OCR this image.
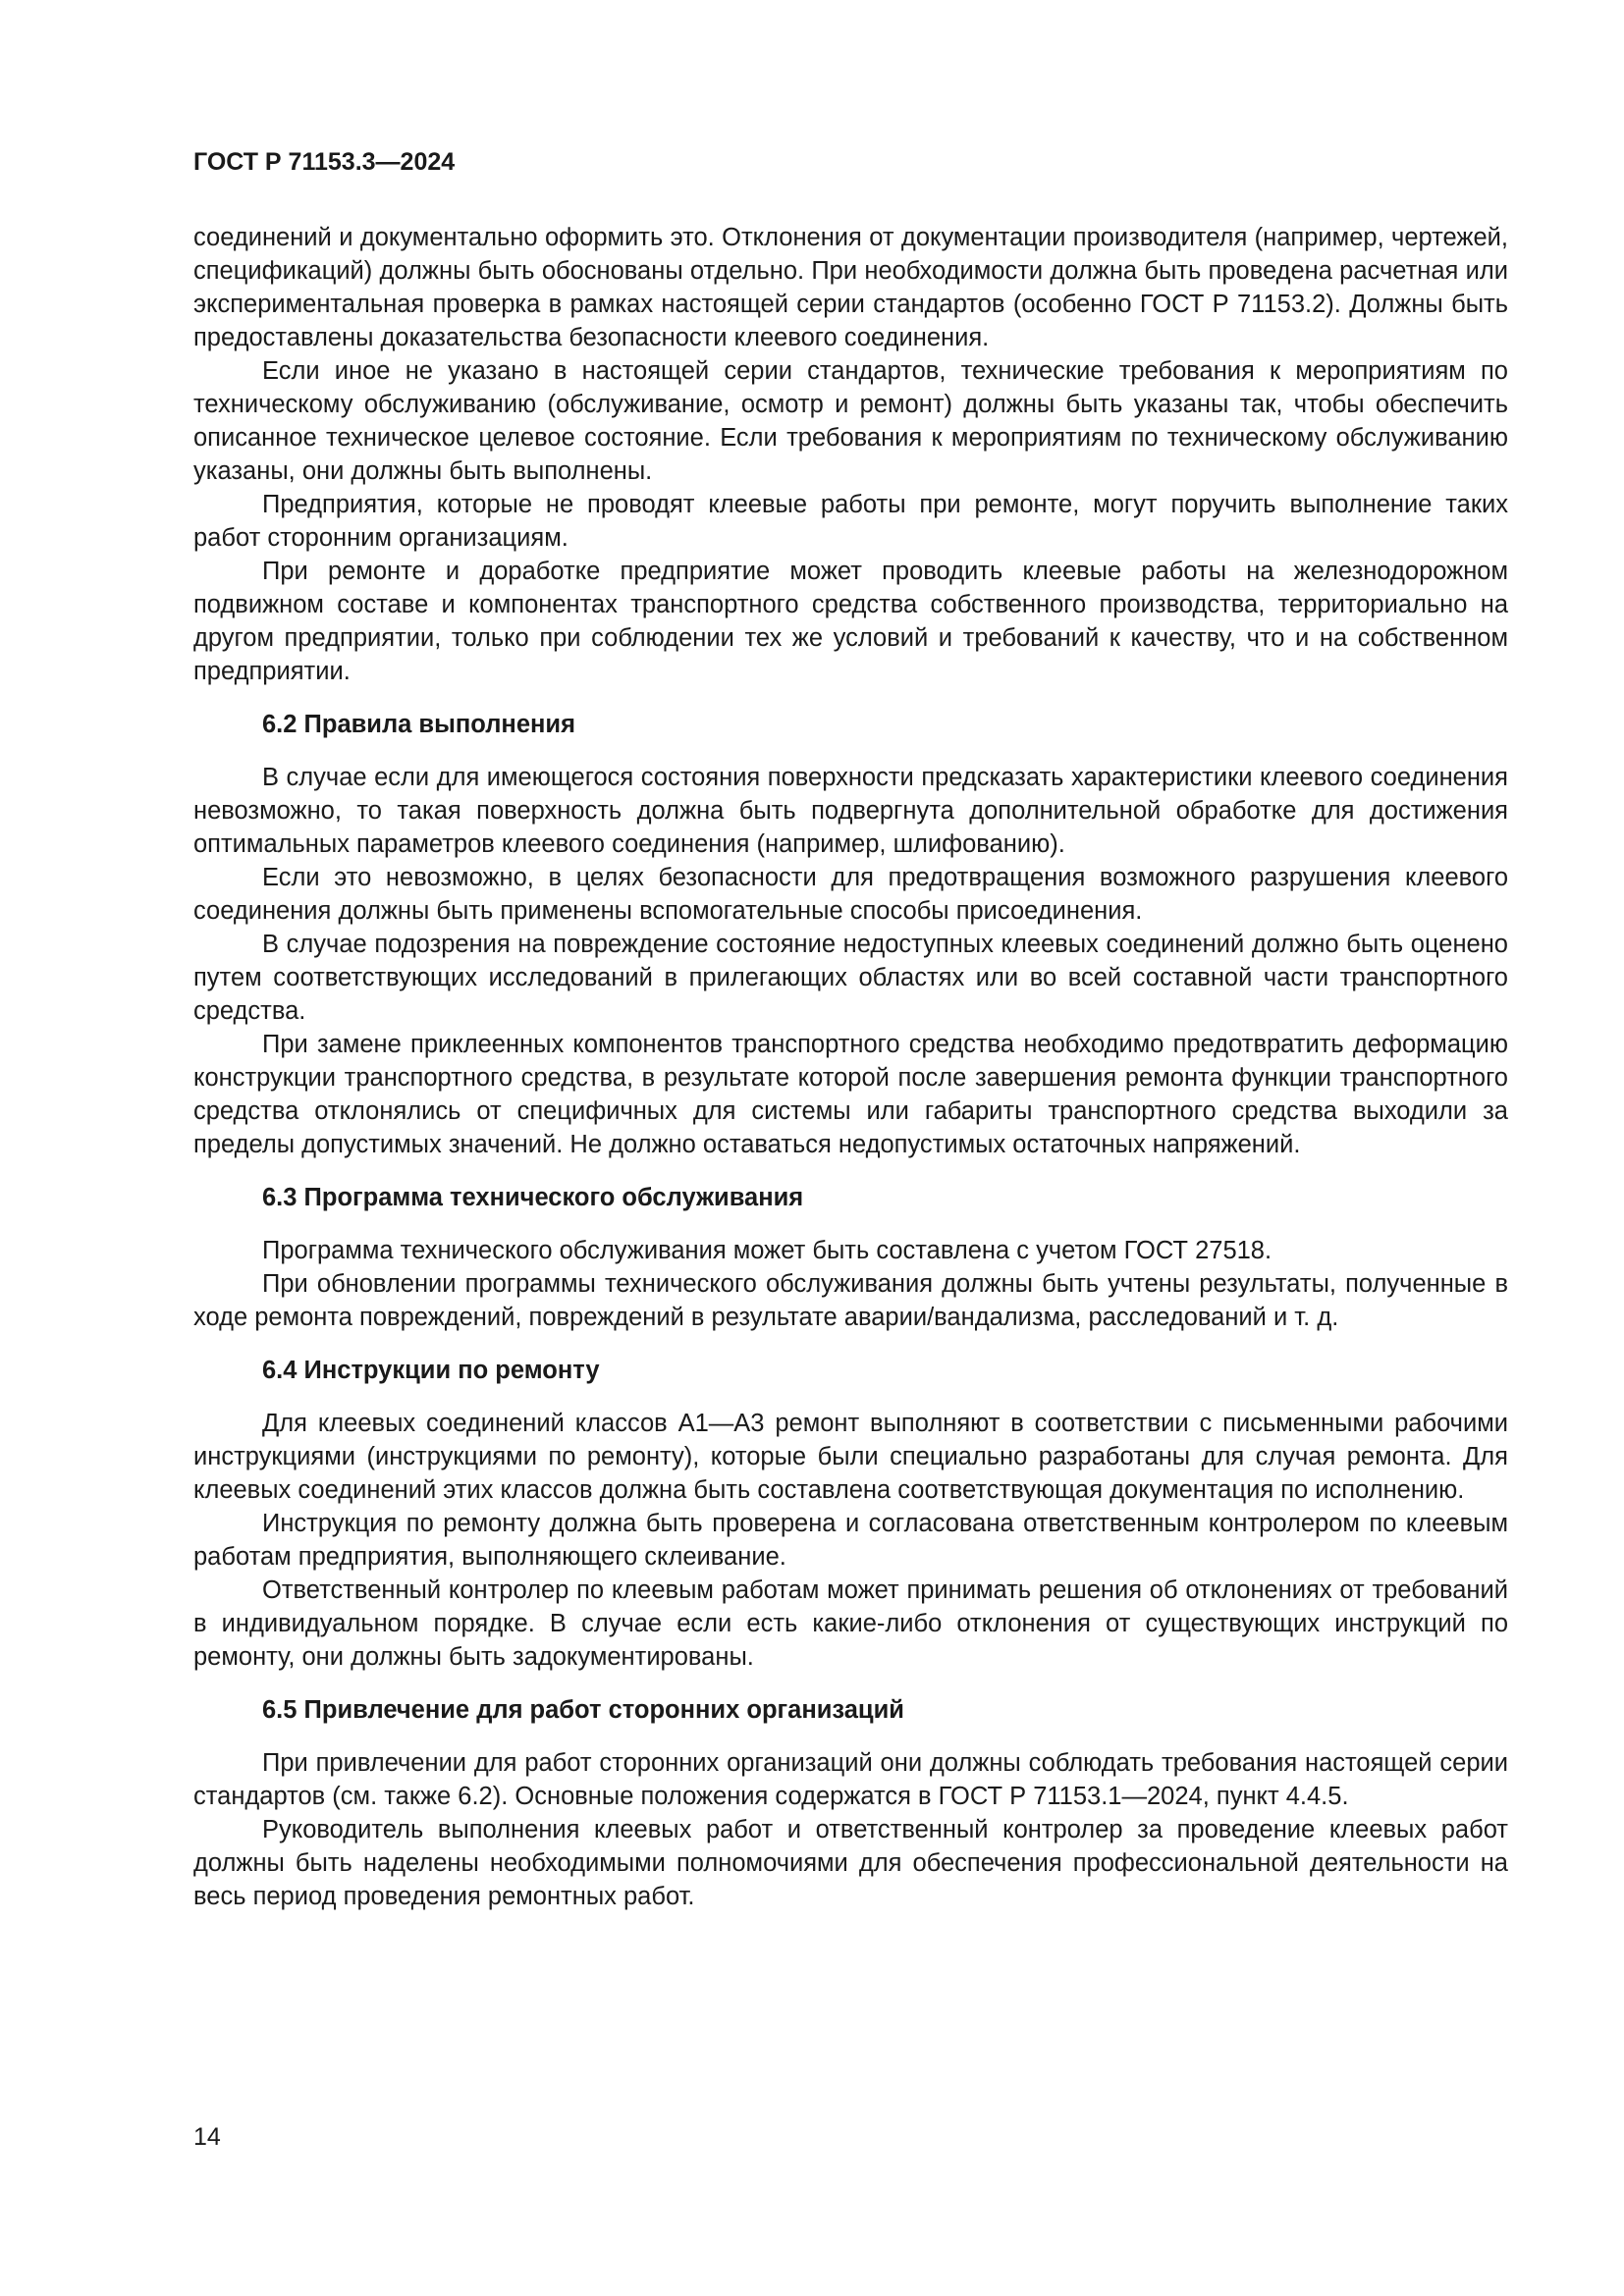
ГОСТ Р 71153.3—2024

соединений и документально оформить это. Отклонения от документации производителя (например, чертежей, спецификаций) должны быть обоснованы отдельно. При необходимости должна быть проведена расчетная или экспериментальная проверка в рамках настоящей серии стандартов (особенно ГОСТ Р 71153.2). Должны быть предоставлены доказательства безопасности клеевого соединения.

Если иное не указано в настоящей серии стандартов, технические требования к мероприятиям по техническому обслуживанию (обслуживание, осмотр и ремонт) должны быть указаны так, чтобы обеспечить описанное техническое целевое состояние. Если требования к мероприятиям по техническому обслуживанию указаны, они должны быть выполнены.

Предприятия, которые не проводят клеевые работы при ремонте, могут поручить выполнение таких работ сторонним организациям.

При ремонте и доработке предприятие может проводить клеевые работы на железнодорожном подвижном составе и компонентах транспортного средства собственного производства, территориально на другом предприятии, только при соблюдении тех же условий и требований к качеству, что и на собственном предприятии.

6.2 Правила выполнения

В случае если для имеющегося состояния поверхности предсказать характеристики клеевого соединения невозможно, то такая поверхность должна быть подвергнута дополнительной обработке для достижения оптимальных параметров клеевого соединения (например, шлифованию).

Если это невозможно, в целях безопасности для предотвращения возможного разрушения клеевого соединения должны быть применены вспомогательные способы присоединения.

В случае подозрения на повреждение состояние недоступных клеевых соединений должно быть оценено путем соответствующих исследований в прилегающих областях или во всей составной части транспортного средства.

При замене приклеенных компонентов транспортного средства необходимо предотвратить деформацию конструкции транспортного средства, в результате которой после завершения ремонта функции транспортного средства отклонялись от специфичных для системы или габариты транспортного средства выходили за пределы допустимых значений. Не должно оставаться недопустимых остаточных напряжений.

6.3 Программа технического обслуживания

Программа технического обслуживания может быть составлена с учетом ГОСТ 27518.

При обновлении программы технического обслуживания должны быть учтены результаты, полученные в ходе ремонта повреждений, повреждений в результате аварии/вандализма, расследований и т. д.

6.4 Инструкции по ремонту

Для клеевых соединений классов А1—А3 ремонт выполняют в соответствии с письменными рабочими инструкциями (инструкциями по ремонту), которые были специально разработаны для случая ремонта. Для клеевых соединений этих классов должна быть составлена соответствующая документация по исполнению.

Инструкция по ремонту должна быть проверена и согласована ответственным контролером по клеевым работам предприятия, выполняющего склеивание.

Ответственный контролер по клеевым работам может принимать решения об отклонениях от требований в индивидуальном порядке. В случае если есть какие-либо отклонения от существующих инструкций по ремонту, они должны быть задокументированы.

6.5 Привлечение для работ сторонних организаций

При привлечении для работ сторонних организаций они должны соблюдать требования настоящей серии стандартов (см. также 6.2). Основные положения содержатся в ГОСТ Р 71153.1—2024, пункт 4.4.5.

Руководитель выполнения клеевых работ и ответственный контролер за проведение клеевых работ должны быть наделены необходимыми полномочиями для обеспечения профессиональной деятельности на весь период проведения ремонтных работ.

14
